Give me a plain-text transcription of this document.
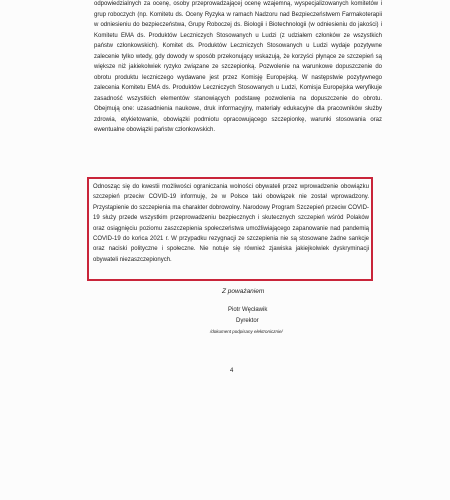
odpowiedzialnych za ocenę, osoby przeprowadzającej ocenę wzajemną, wyspecjalizowanych komitetów i grup roboczych (np. Komitetu ds. Oceny Ryzyka w ramach Nadzoru nad Bezpieczeństwem Farmakoterapii w odniesieniu do bezpieczeństwa, Grupy Roboczej ds. Biologii i Biotechnologii (w odniesieniu do jakości) i Komitetu EMA ds. Produktów Leczniczych Stosowanych u Ludzi (z udziałem członków ze wszystkich państw członkowskich). Komitet ds. Produktów Leczniczych Stosowanych u Ludzi wydaje pozytywne zalecenie tylko wtedy, gdy dowody w sposób przekonujący wskazują, że korzyści płynące ze szczepień są większe niż jakiekolwiek ryzyko związane ze szczepionką. Pozwolenie na warunkowe dopuszczenie do obrotu produktu leczniczego wydawane jest przez Komisję Europejską. W następstwie pozytywnego zalecenia Komitetu EMA ds. Produktów Leczniczych Stosowanych u Ludzi, Komisja Europejska weryfikuje zasadność wszystkich elementów stanowiących podstawę pozwolenia na dopuszczenie do obrotu. Obejmują one: uzasadnienia naukowe, druk informacyjny, materiały edukacyjne dla pracowników służby zdrowia, etykietowanie, obowiązki podmiotu opracowującego szczepionkę, warunki stosowania oraz ewentualne obowiązki państw członkowskich.

Odnosząc się do kwestii możliwości ograniczania wolności obywateli przez wprowadzenie obowiązku szczepień przeciw COVID-19 informuję, że w Polsce taki obowiązek nie został wprowadzony. Przystąpienie do szczepienia ma charakter dobrowolny. Narodowy Program Szczepień przeciw COVID-19 służy przede wszystkim przeprowadzeniu bezpiecznych i skutecznych szczepień wśród Polaków oraz osiągnięciu poziomu zaszczepienia społeczeństwa umożliwiającego zapanowanie nad pandemią COVID-19 do końca 2021 r. W przypadku rezygnacji ze szczepienia nie są stosowane żadne sankcje oraz naciski polityczne i społeczne. Nie notuje się również zjawiska jakiejkolwiek dyskryminacji obywateli niezaszczepionych.

Z poważaniem

Piotr Węcławik

Dyrektor

/dokument podpisany elektronicznie/

4
